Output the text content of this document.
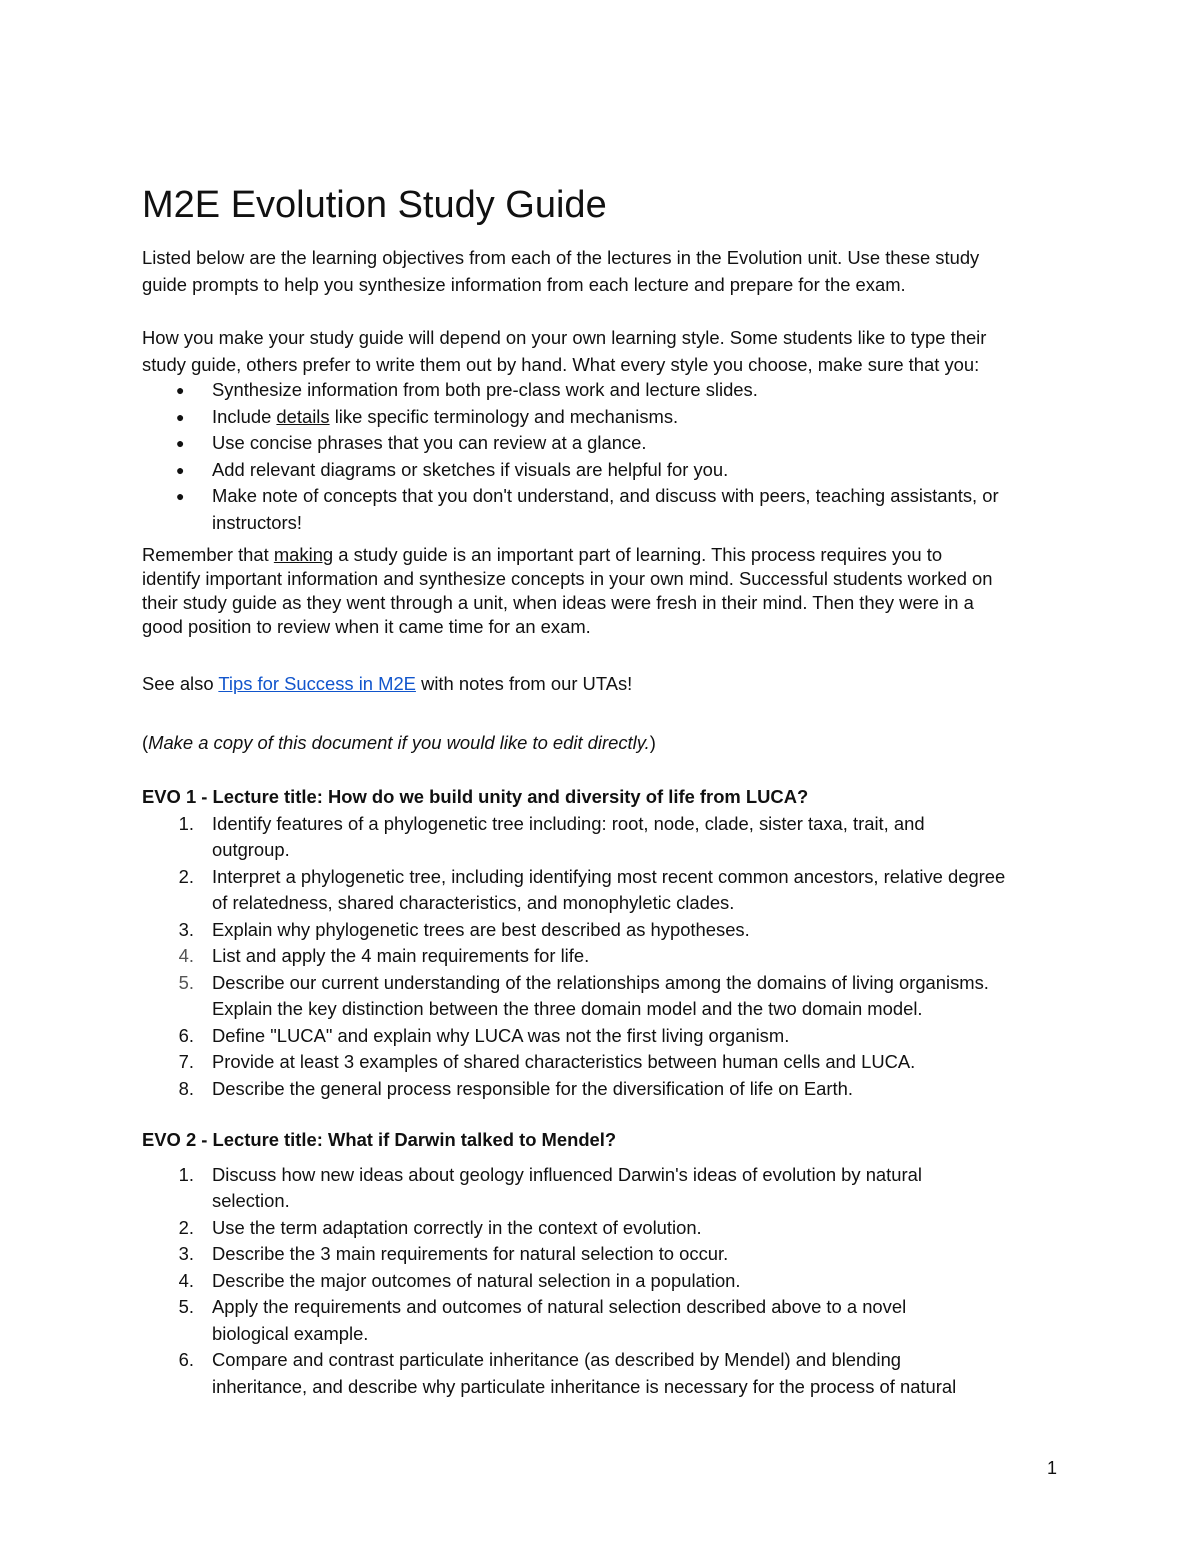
M2E Evolution Study Guide
Listed below are the learning objectives from each of the lectures in the Evolution unit. Use these study
guide prompts to help you synthesize information from each lecture and prepare for the exam.
How you make your study guide will depend on your own learning style. Some students like to type their
study guide, others prefer to write them out by hand. What every style you choose, make sure that you:
● Synthesize information from both pre-class work and lecture slides.
● Include details like specific terminology and mechanisms.
● Use concise phrases that you can review at a glance.
● Add relevant diagrams or sketches if visuals are helpful for you.
● Make note of concepts that you don't understand, and discuss with peers, teaching assistants, or
instructors!
Remember that making a study guide is an important part of learning. This process requires you to
identify important information and synthesize concepts in your own mind. Successful students worked on
their study guide as they went through a unit, when ideas were fresh in their mind. Then they were in a
good position to review when it came time for an exam.
See also Tips for Success in M2E with notes from our UTAs!
(Make a copy of this document if you would like to edit directly.)
EVO 1 - Lecture title: How do we build unity and diversity of life from LUCA?
1. Identify features of a phylogenetic tree including: root, node, clade, sister taxa, trait, and
outgroup.
2. Interpret a phylogenetic tree, including identifying most recent common ancestors, relative degree
of relatedness, shared characteristics, and monophyletic clades.
3. Explain why phylogenetic trees are best described as hypotheses.
4. List and apply the 4 main requirements for life.
5. Describe our current understanding of the relationships among the domains of living organisms.
Explain the key distinction between the three domain model and the two domain model.
6. Define "LUCA" and explain why LUCA was not the first living organism.
7. Provide at least 3 examples of shared characteristics between human cells and LUCA.
8. Describe the general process responsible for the diversification of life on Earth.
EVO 2 - Lecture title: What if Darwin talked to Mendel?
1. Discuss how new ideas about geology influenced Darwin's ideas of evolution by natural
selection.
2. Use the term adaptation correctly in the context of evolution.
3. Describe the 3 main requirements for natural selection to occur.
4. Describe the major outcomes of natural selection in a population.
5. Apply the requirements and outcomes of natural selection described above to a novel
biological example.
6. Compare and contrast particulate inheritance (as described by Mendel) and blending
inheritance, and describe why particulate inheritance is necessary for the process of natural
1
